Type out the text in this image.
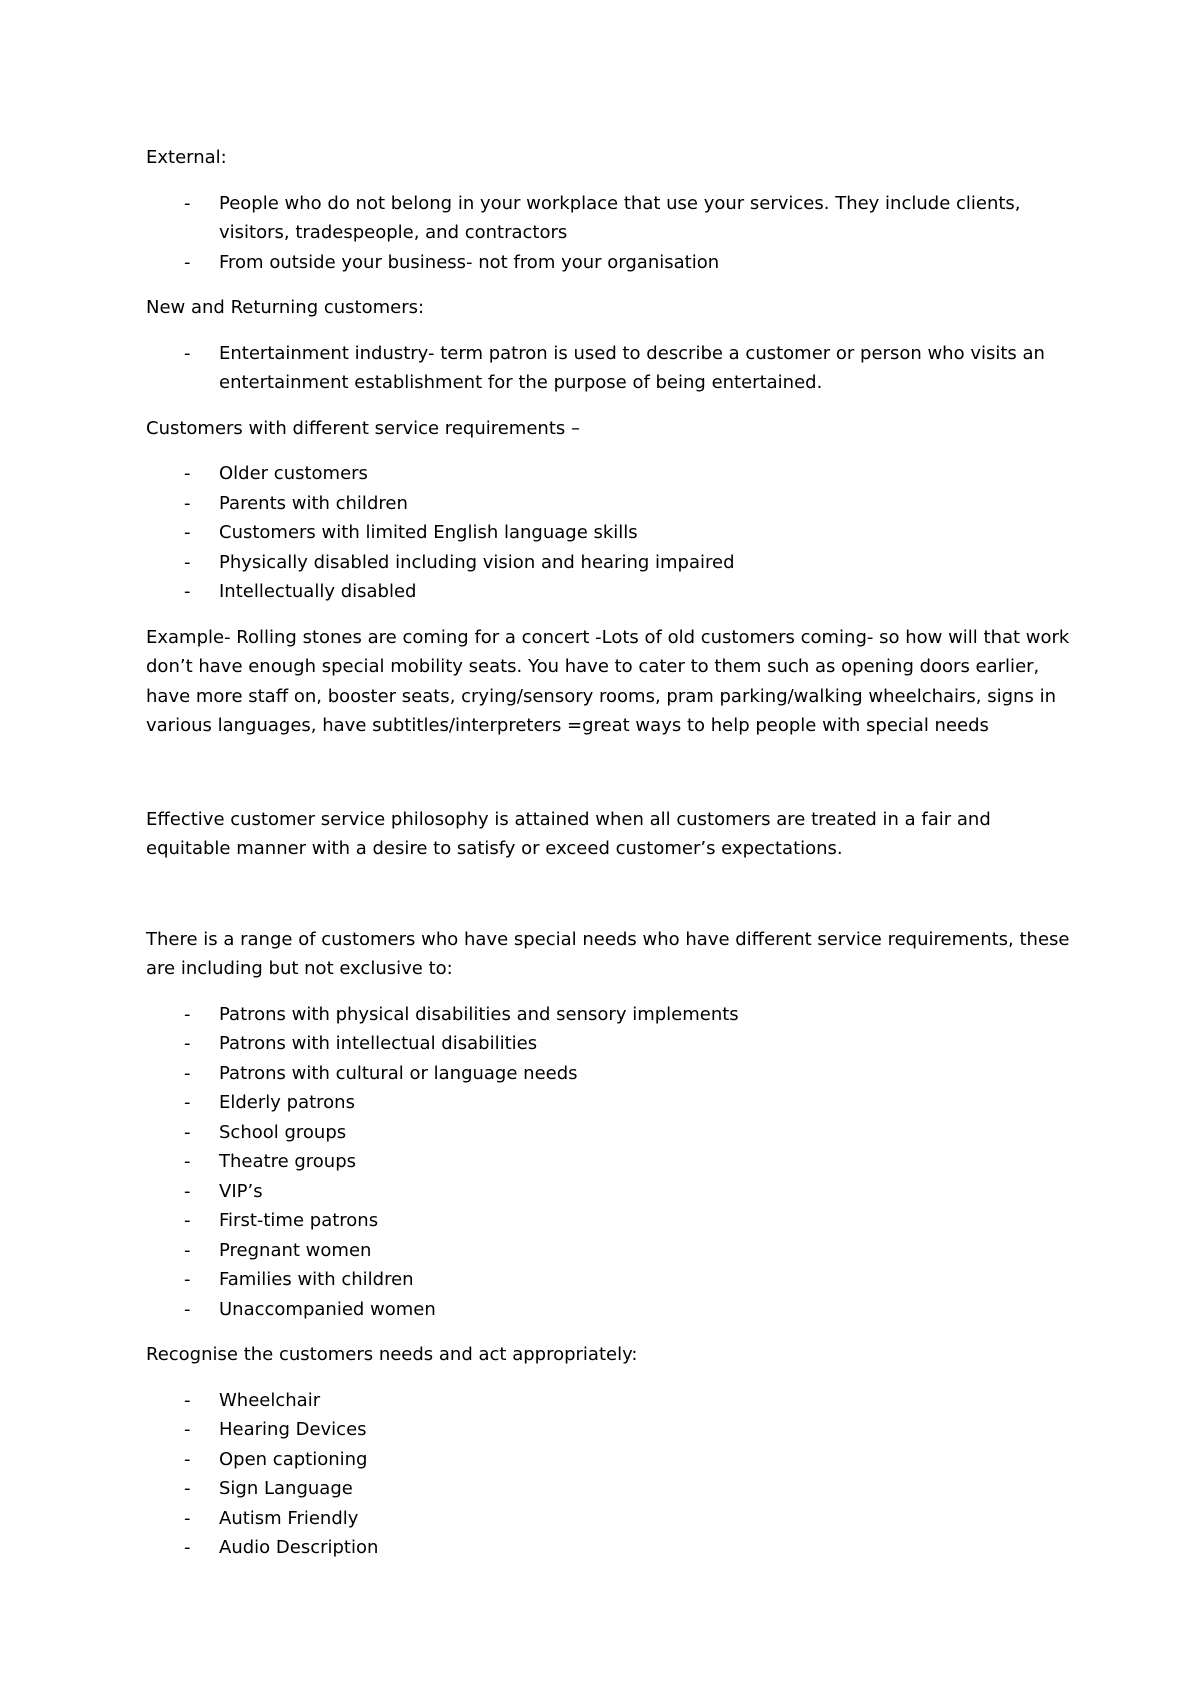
External:

- People who do not belong in your workplace that use your services. They include clients, visitors, tradespeople, and contractors
- From outside your business- not from your organisation

New and Returning customers:

- Entertainment industry- term patron is used to describe a customer or person who visits an entertainment establishment for the purpose of being entertained.

Customers with different service requirements –

- Older customers
- Parents with children
- Customers with limited English language skills
- Physically disabled including vision and hearing impaired
- Intellectually disabled

Example- Rolling stones are coming for a concert -Lots of old customers coming- so how will that work don’t have enough special mobility seats. You have to cater to them such as opening doors earlier, have more staff on, booster seats, crying/sensory rooms, pram parking/walking wheelchairs, signs in various languages, have subtitles/interpreters =great ways to help people with special needs

Effective customer service philosophy is attained when all customers are treated in a fair and equitable manner with a desire to satisfy or exceed customer’s expectations.

There is a range of customers who have special needs who have different service requirements, these are including but not exclusive to:

- Patrons with physical disabilities and sensory implements
- Patrons with intellectual disabilities
- Patrons with cultural or language needs
- Elderly patrons
- School groups
- Theatre groups
- VIP’s
- First-time patrons
- Pregnant women
- Families with children
- Unaccompanied women

Recognise the customers needs and act appropriately:

- Wheelchair
- Hearing Devices
- Open captioning
- Sign Language
- Autism Friendly
- Audio Description
